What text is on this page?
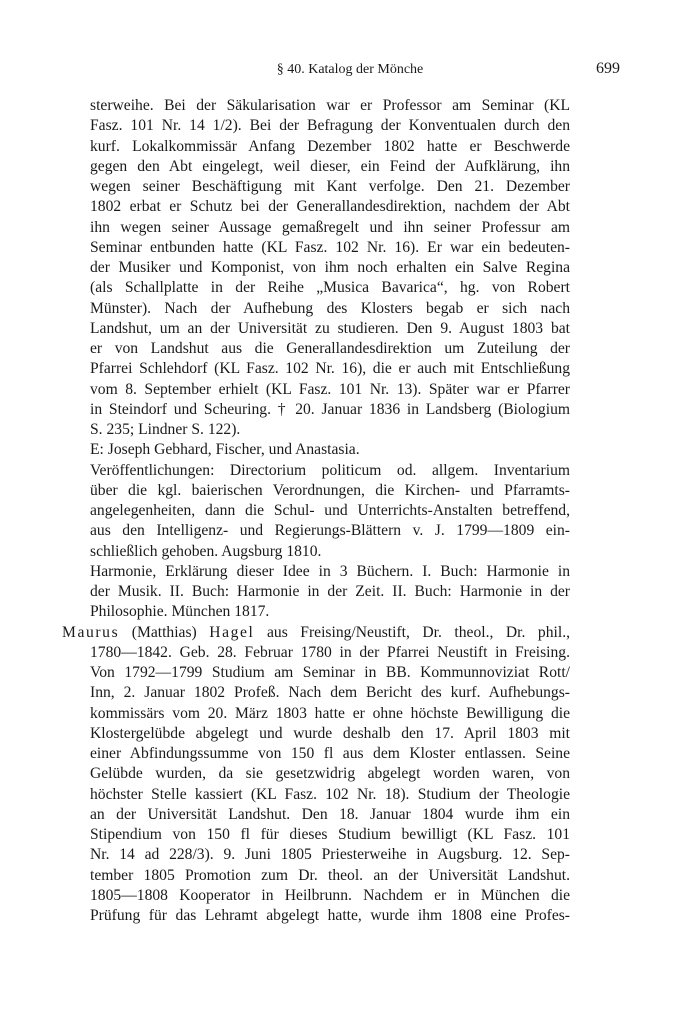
§ 40. Katalog der Mönche	699
sterweihe. Bei der Säkularisation war er Professor am Seminar (KL
Fasz. 101 Nr. 14 1/2). Bei der Befragung der Konventualen durch den
kurf. Lokalkommissär Anfang Dezember 1802 hatte er Beschwerde
gegen den Abt eingelegt, weil dieser, ein Feind der Aufklärung, ihn
wegen seiner Beschäftigung mit Kant verfolge. Den 21. Dezember
1802 erbat er Schutz bei der Generallandesdirektion, nachdem der Abt
ihn wegen seiner Aussage gemaßregelt und ihn seiner Professur am
Seminar entbunden hatte (KL Fasz. 102 Nr. 16). Er war ein bedeuten-
der Musiker und Komponist, von ihm noch erhalten ein Salve Regina
(als Schallplatte in der Reihe „Musica Bavarica“, hg. von Robert
Münster). Nach der Aufhebung des Klosters begab er sich nach
Landshut, um an der Universität zu studieren. Den 9. August 1803 bat
er von Landshut aus die Generallandesdirektion um Zuteilung der
Pfarrei Schlehdorf (KL Fasz. 102 Nr. 16), die er auch mit Entschließung
vom 8. September erhielt (KL Fasz. 101 Nr. 13). Später war er Pfarrer
in Steindorf und Scheuring. † 20. Januar 1836 in Landsberg (Biologium
S. 235; Lindner S. 122).
E: Joseph Gebhard, Fischer, und Anastasia.
Veröffentlichungen: Directorium politicum od. allgem. Inventarium
über die kgl. baierischen Verordnungen, die Kirchen- und Pfarramts-
angelegenheiten, dann die Schul- und Unterrichts-Anstalten betreffend,
aus den Intelligenz- und Regierungs-Blättern v. J. 1799—1809 ein-
schließlich gehoben. Augsburg 1810.
Harmonie, Erklärung dieser Idee in 3 Büchern. I. Buch: Harmonie in
der Musik. II. Buch: Harmonie in der Zeit. II. Buch: Harmonie in der
Philosophie. München 1817.
Maurus (Matthias) Hagel aus Freising/Neustift, Dr. theol., Dr. phil.,
1780—1842. Geb. 28. Februar 1780 in der Pfarrei Neustift in Freising.
Von 1792—1799 Studium am Seminar in BB. Kommunnoviziat Rott/
Inn, 2. Januar 1802 Profeß. Nach dem Bericht des kurf. Aufhebungs-
kommissärs vom 20. März 1803 hatte er ohne höchste Bewilligung die
Klostergelübde abgelegt und wurde deshalb den 17. April 1803 mit
einer Abfindungssumme von 150 fl aus dem Kloster entlassen. Seine
Gelübde wurden, da sie gesetzwidrig abgelegt worden waren, von
höchster Stelle kassiert (KL Fasz. 102 Nr. 18). Studium der Theologie
an der Universität Landshut. Den 18. Januar 1804 wurde ihm ein
Stipendium von 150 fl für dieses Studium bewilligt (KL Fasz. 101
Nr. 14 ad 228/3). 9. Juni 1805 Priesterweihe in Augsburg. 12. Sep-
tember 1805 Promotion zum Dr. theol. an der Universität Landshut.
1805—1808 Kooperator in Heilbrunn. Nachdem er in München die
Prüfung für das Lehramt abgelegt hatte, wurde ihm 1808 eine Profes-
